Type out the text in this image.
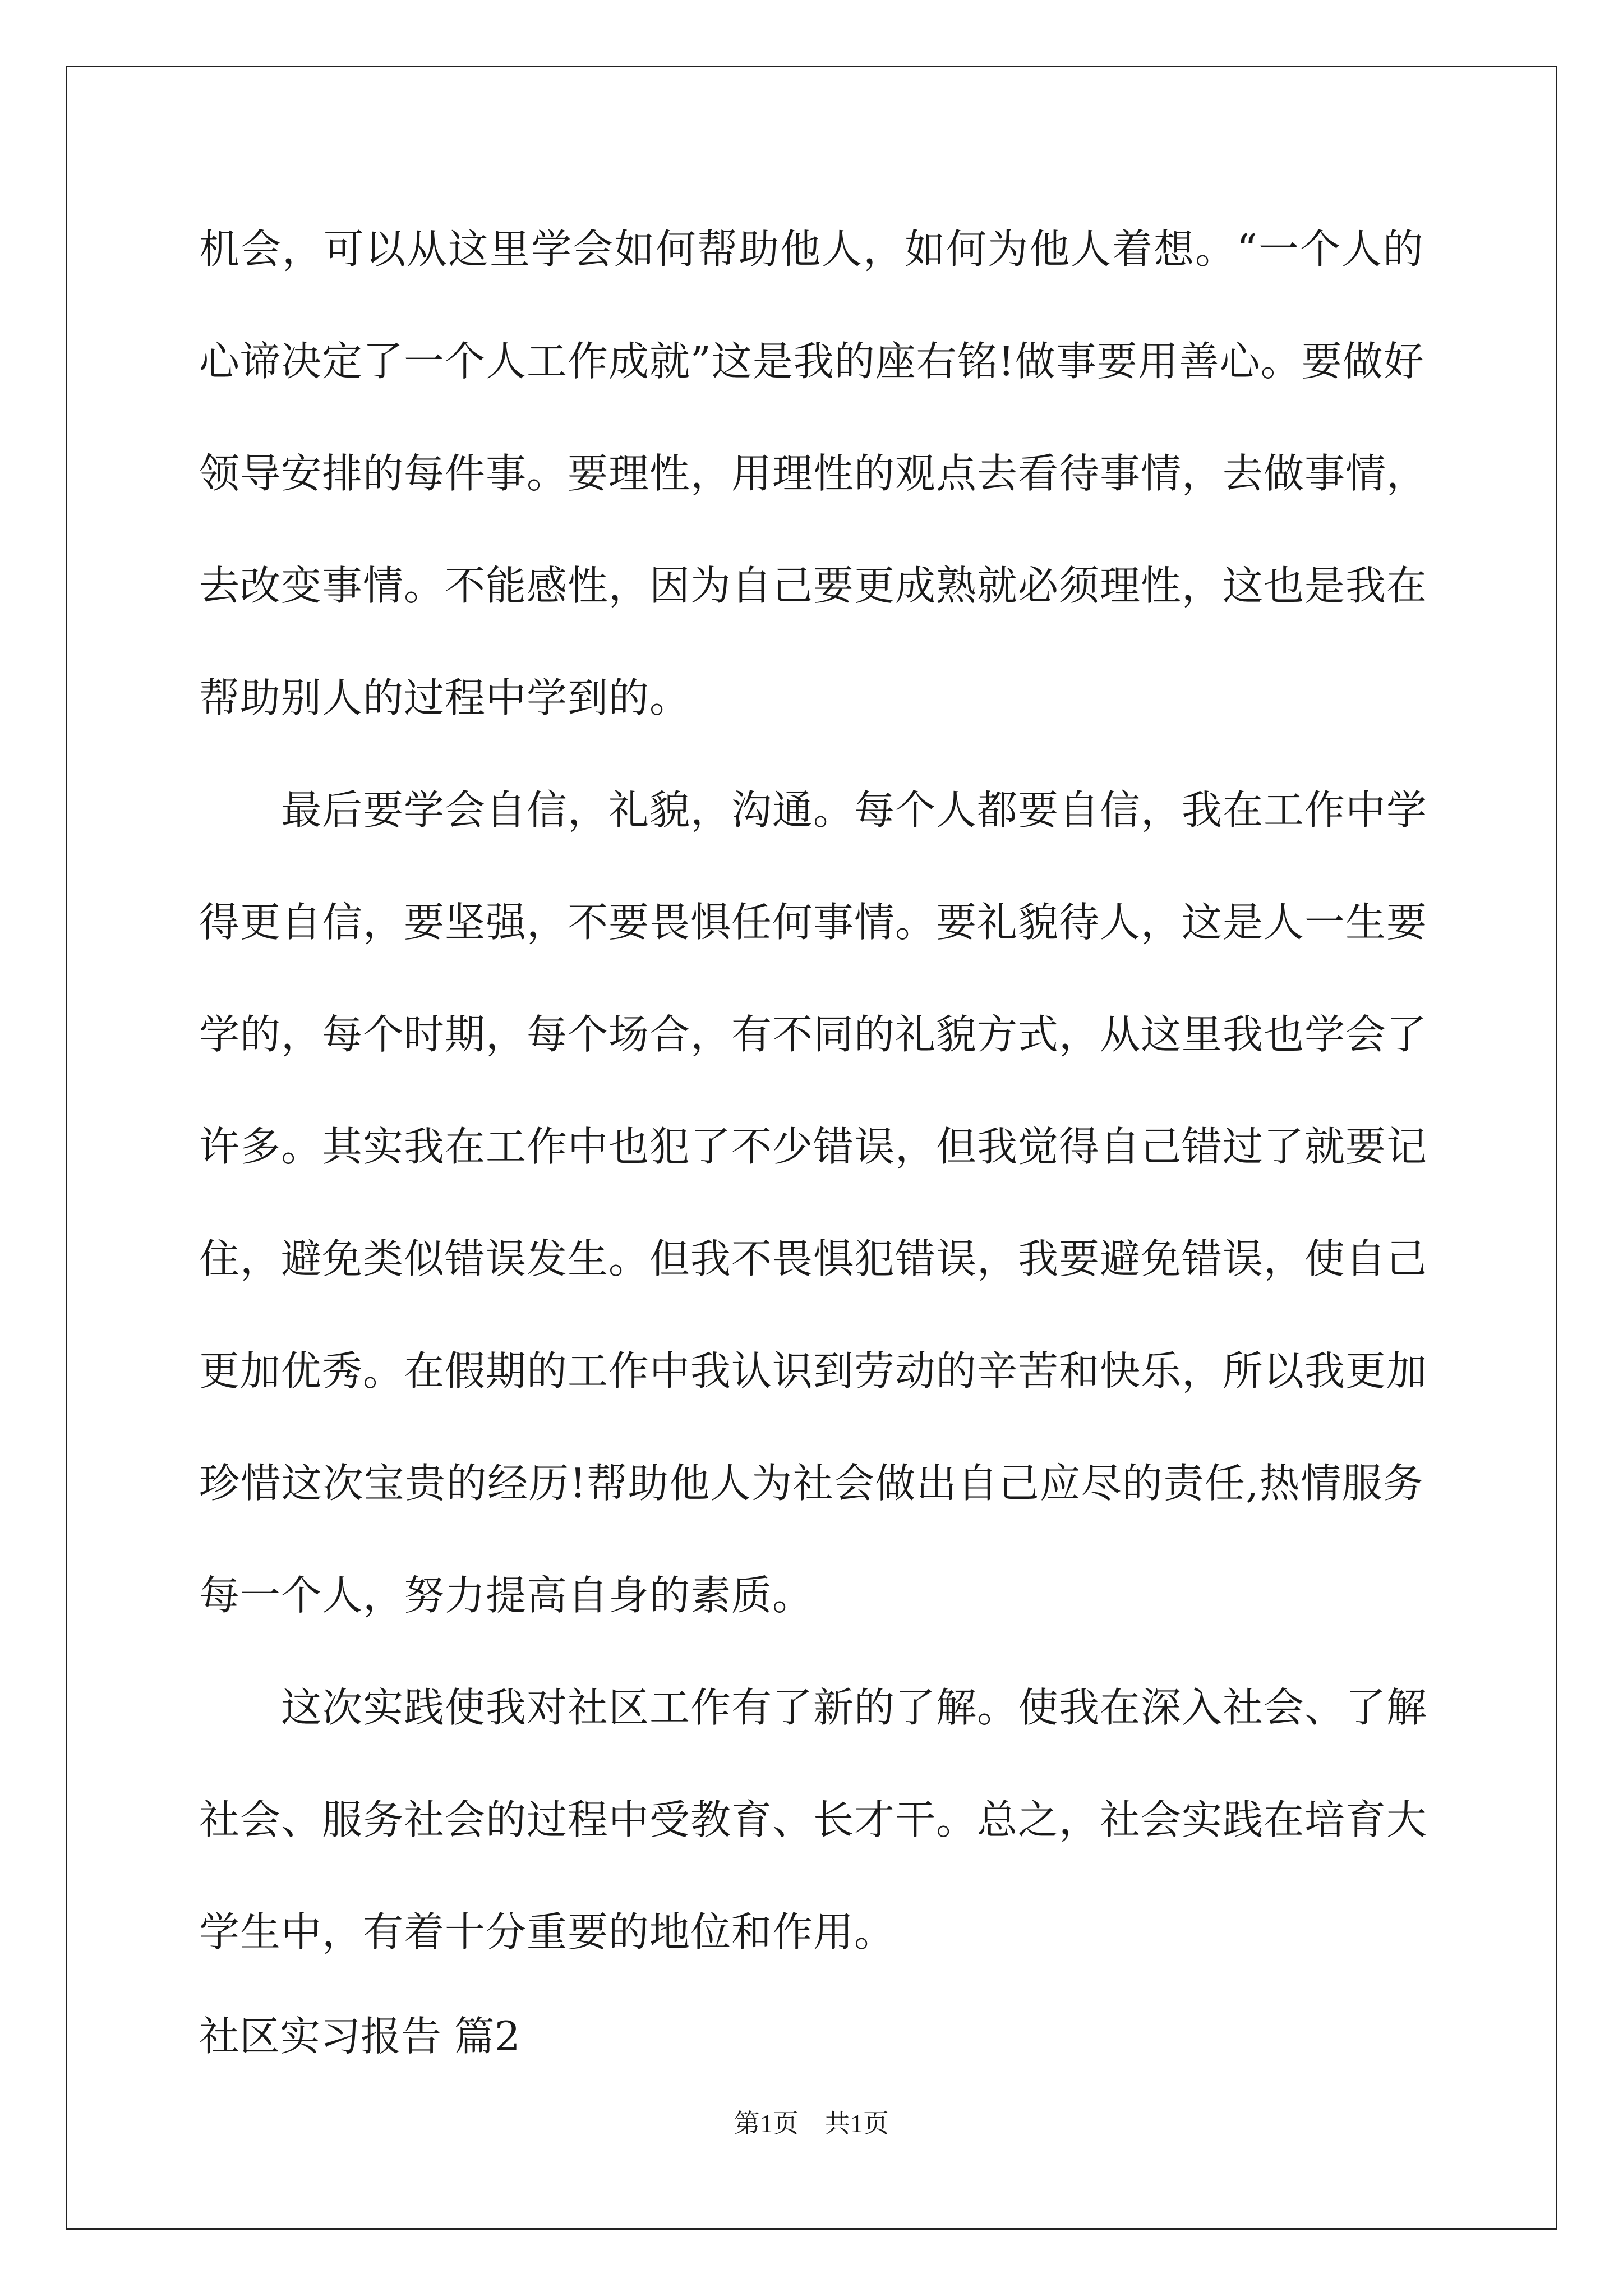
机会，可以从这里学会如何帮助他人，如何为他人着想。“一个人的
心谛决定了一个人工作成就”这是我的座右铭!做事要用善心。要做好
领导安排的每件事。要理性，用理性的观点去看待事情，去做事情，
去改变事情。不能感性，因为自己要更成熟就必须理性，这也是我在
帮助别人的过程中学到的。
　　最后要学会自信，礼貌，沟通。每个人都要自信，我在工作中学
得更自信，要坚强，不要畏惧任何事情。要礼貌待人，这是人一生要
学的，每个时期，每个场合，有不同的礼貌方式，从这里我也学会了
许多。其实我在工作中也犯了不少错误，但我觉得自己错过了就要记
住，避免类似错误发生。但我不畏惧犯错误，我要避免错误，使自己
更加优秀。在假期的工作中我认识到劳动的辛苦和快乐，所以我更加
珍惜这次宝贵的经历!帮助他人为社会做出自己应尽的责任,热情服务
每一个人，努力提高自身的素质。
　　这次实践使我对社区工作有了新的了解。使我在深入社会、了解
社会、服务社会的过程中受教育、长才干。总之，社会实践在培育大
学生中，有着十分重要的地位和作用。
社区实习报告 篇2
第1页　共1页
